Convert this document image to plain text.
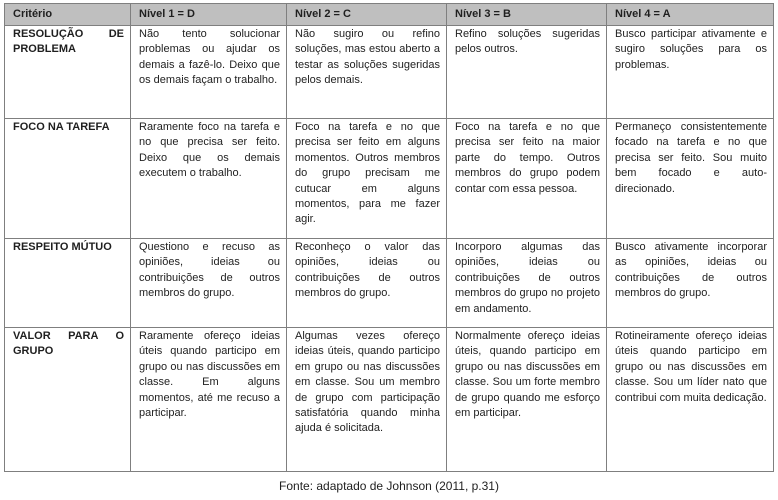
Critério	Nível 1 = D	Nível 2 = C	Nível 3 = B	Nível 4 = A
RESOLUÇÃO DE PROBLEMA	Não tento solucionar problemas ou ajudar os demais a fazê-lo. Deixo que os demais façam o trabalho.	Não sugiro ou refino soluções, mas estou aberto a testar as soluções sugeridas pelos demais.	Refino soluções sugeridas pelos outros.	Busco participar ativamente e sugiro soluções para os problemas.
FOCO NA TAREFA	Raramente foco na tarefa e no que precisa ser feito. Deixo que os demais executem o trabalho.	Foco na tarefa e no que precisa ser feito em alguns momentos. Outros membros do grupo precisam me cutucar em alguns momentos, para me fazer agir.	Foco na tarefa e no que precisa ser feito na maior parte do tempo. Outros membros do grupo podem contar com essa pessoa.	Permaneço consistentemente focado na tarefa e no que precisa ser feito. Sou muito bem focado e auto-direcionado.
RESPEITO MÚTUO	Questiono e recuso as opiniões, ideias ou contribuições de outros membros do grupo.	Reconheço o valor das opiniões, ideias ou contribuições de outros membros do grupo.	Incorporo algumas das opiniões, ideias ou contribuições de outros membros do grupo no projeto em andamento.	Busco ativamente incorporar as opiniões, ideias ou contribuições de outros membros do grupo.
VALOR PARA O GRUPO	Raramente ofereço ideias úteis quando participo em grupo ou nas discussões em classe. Em alguns momentos, até me recuso a participar.	Algumas vezes ofereço ideias úteis, quando participo em grupo ou nas discussões em classe. Sou um membro de grupo com participação satisfatória quando minha ajuda é solicitada.	Normalmente ofereço ideias úteis, quando participo em grupo ou nas discussões em classe. Sou um forte membro de grupo quando me esforço em participar.	Rotineiramente ofereço ideias úteis quando participo em grupo ou nas discussões em classe. Sou um líder nato que contribui com muita dedicação.
Fonte: adaptado de Johnson (2011, p.31)
